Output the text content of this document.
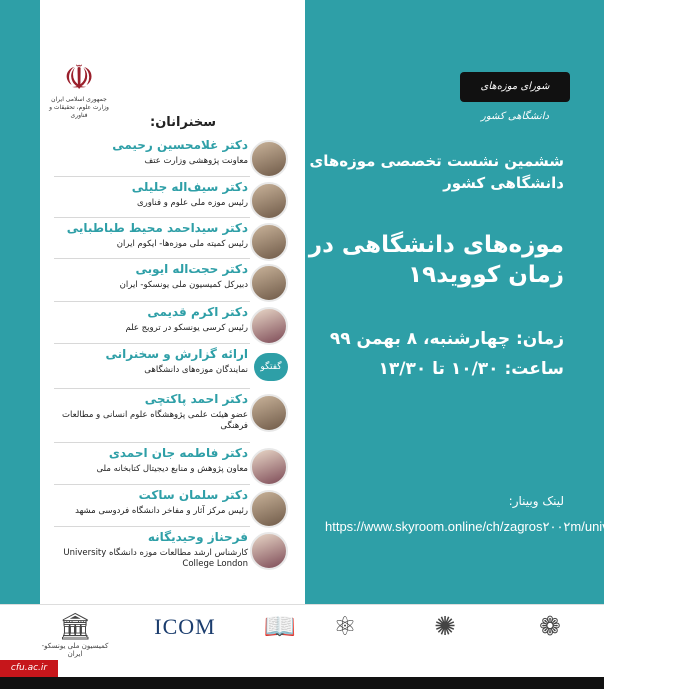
☫
جمهوری اسلامی ایران
وزارت علوم، تحقیقات و فناوری	سخنرانان:
دکتر غلامحسین رحیمی
معاونت پژوهشی وزارت عتف
دکتر سیف‌اله جلیلی
رئیس موزه ملی علوم و فناوری
دکتر سیداحمد محیط طباطبایی
رئیس کمیته ملی موزه‌ها- ایکوم ایران
دکتر حجت‌اله ایوبی
دبیرکل کمیسیون ملی یونسکو- ایران
دکتر اکرم قدیمی
رئیس کرسی یونسکو در ترویج علم
گفتگو
ارائه گزارش و سخنرانی
نمایندگان موزه‌های دانشگاهی
دکتر احمد پاکتچی
عضو هیئت علمی پژوهشگاه علوم انسانی و مطالعات فرهنگی
دکتر فاطمه جان احمدی
معاون پژوهش و منابع دیجیتال کتابخانه ملی
دکتر سلمان ساکت
رئیس مرکز آثار و مفاخر دانشگاه فردوسی مشهد
فرحناز وحیدیگانه
کارشناس ارشد مطالعات موزه دانشگاه University College London
شورای موزه‌های دانشگاهی کشور
ششمین نشست تخصصی موزه‌های دانشگاهی کشور
موزه‌های دانشگاهی در زمان کووید۱۹
زمان: چهارشنبه، ۸ بهمن ۹۹
ساعت: ۱۰/۳۰ تا ۱۳/۳۰
لینک وبینار:
https://www.skyroom.online/ch/zagros۲۰۰۲m/universitymuseums
🏛
کمیسیون ملی یونسکو- ایران
ICOM	📖	⚛	✺	❁
cfu.ac.ir
